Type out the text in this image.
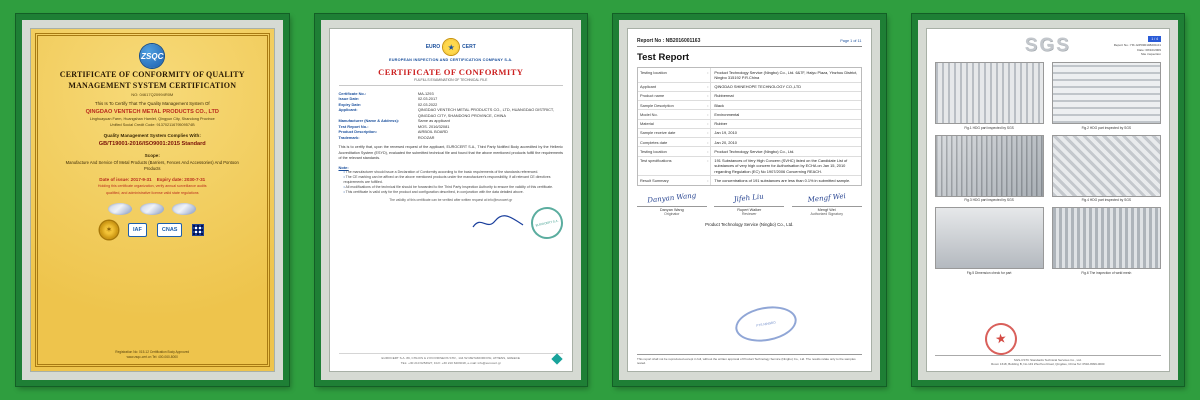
ZSQC
CERTIFICATE OF CONFORMITY OF QUALITY
MANAGEMENT SYSTEM CERTIFICATION
NO: 04617Q20994R0M
This Is To Certify That The Quality Management System Of
QINGDAO VENTECH METAL PRODUCTS CO., LTD
Linghuayuan Farm, Huangshan Hamlet, Qingyun City, Shandong Province
Unified Social Credit Code: 91370211679509574B
Quality Management System Complies With:
GB/T19001-2016/ISO9001:2015 Standard
Scope:
Manufacture And Service Of Metal Products (Barriers, Fences And Accessories) And Pontoon Products
Date of issue: 2017-9-31    Expiry date: 2030-7-31
Holding this certificate organization, verify annual surveillance audits
qualified, and administrative license valid state regulations
✶	IAF	CNAS
Registration No: 015-12 Certification Body Approved
www.zsqc-cert.cn Tel: 400-060-8000
EURO ★	CERT
EUROPEAN INSPECTION AND CERTIFICATION COMPANY S.A.
CERTIFICATE OF CONFORMITY
FULFILLS EXAMINATION OF TECHNICAL FILE
Certificate No. :	MA-1293
Issue Date :	02.03.2017
Expiry Date :	02.03.2022
Applicant :	QINGDAO VENTECH METAL PRODUCTS CO., LTD, HUANGDAO DISTRICT, QINGDAO CITY, SHANDONG PROVINCE, CHINA
Manufacturer (Name & Address) :	Same as applicant
Test Report No. :	MOS. 2016/32081
Product Description :	AIRBOIL BOARD
Trademark :	ROOZAR
This is to certify that, upon the renewed request of the applicant, EUROCERT S.A., Third Party Notified Body accredited by the Hellenic Accreditation System (ESYD), evaluated the submitted technical file and found that the above mentioned products fulfill the requirements of the relevant standards.
Note:
• The manufacturer should issue a Declaration of Conformity according to the basic requirements of the standards referenced.
• The CE marking can be affixed on the above mentioned products under the manufacturer's responsibility, if all relevant CE directives requirements are fulfilled.
• All modifications of the technical file should be forwarded to the Third Party Inspection Authority to ensure the validity of this certificate.
• This certificate is valid only for the product and configuration described, in conjunction with the data detailed above.
The validity of this certificate can be verified after written request at info@eurocert.gr
EUROCERT S.A.
EUROCERT S.A. 89, CHLOIS & LYKOVRISEOS STR., 144 52 METAMORFOSI, ATHENS, GREECE
TEL: +30 210 6253927, FAX: +30 210 6203018, e-mail: info@eurocert.gr
Report No : NB2016001163	Page 1 of 11
Test Report
Testing location :	Product Technology Service (Ningbo) Co., Ltd. 6&7F, Haiyu Plaza, Yinzhou District, Ningbo 315192 P.R.China
Applicant :	QINGDAO SHINEHOPE TECHNOLOGY CO.,LTD
Product name :	Rubbermat
Sample Description :	Black
Model No. :	Environmental
Material :	Rubber
Sample receive date :	Jan 19, 2010
Completes date :	Jan 20, 2010
Testing location :	Product Technology Service (Ningbo) Co., Ltd.
Test specifications :	191 Substances of Very High Concern (SVHC) listed on the Candidate List of substances of very high concern for Authorisation by ECHA on Jan 15, 2010 regarding Regulation (EC) No 1907/2006 Concerning REACH.
Result Summary :	The concentrations of 191 substances are less than 0.1% in submitted sample.
Danyan Wang
Danyan Wang
Originator
Jifeh Liu
Rupert Walker
Reviewer
Mengf Wei
Mengf Wei
Authorized Signatory
Product Technology Service (Ningbo) Co., Ltd.
PTS NINGBO
This report shall not be reproduced except in full, without the written approval of Product Technology Service (Ningbo) Co., Ltd. The results relate only to the samples tested.
SGS	1 / 4
Report No.: HK-GIP090108200-01
Date: 08/10/2009
Site inspection
Fig.1 HDG part inspected by SGS	Fig.2 HDG part inspected by SGS
Fig.3 HDG part inspected by SGS	Fig.4 HDG part inspected by SGS
Fig.5 Dimension check for part	Fig.6 The inspection of weld mesh
★
SGS-CSTC Standards Technical Services Co., Ltd.
Room 1618, Building B, No.143 Zhuzhou Road, Qingdao, China Tel: 0532-8099-0000
